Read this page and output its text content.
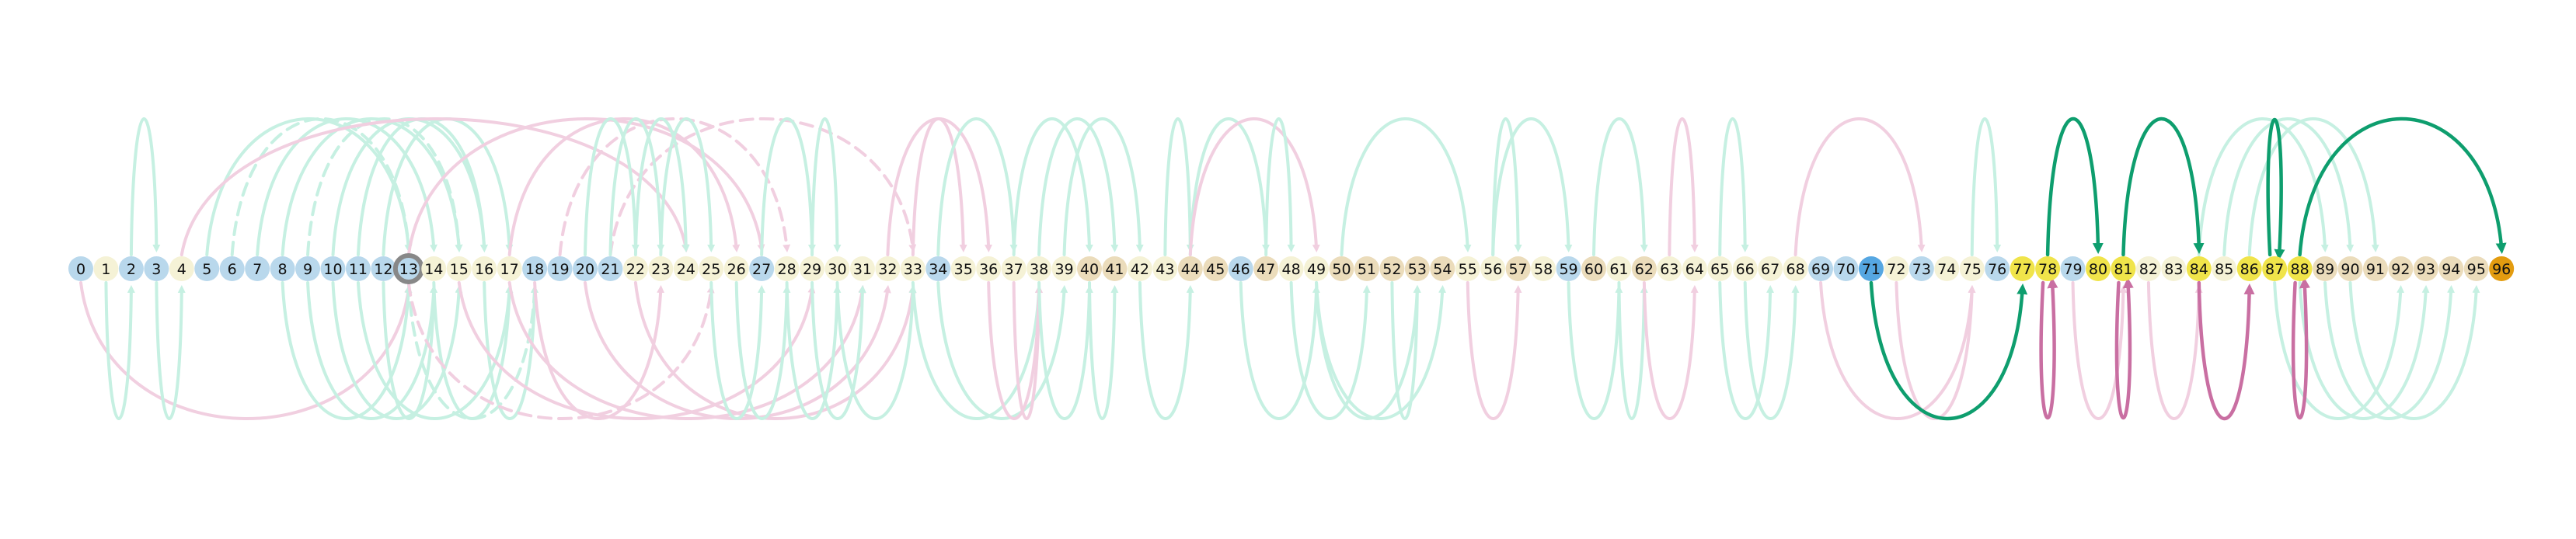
0 1 2 3 4 5 6 7 8 9 10 11 12 13 14 15 16 17 18 19 20 21 22 23 24 25 26 27 28 29 30 31 32 33 34 35 36 37 38 39 40 41 42 43 44 45 46 47 48 49 50 51 52 53 54 55 56 57 58 59 60 61 62 63 64 65 66 67 68 69 70 71 72 73 74 75 76 77 78 79 80 81 82 83 84 85 86 87 88 89 90 91 92 93 94 95 96
